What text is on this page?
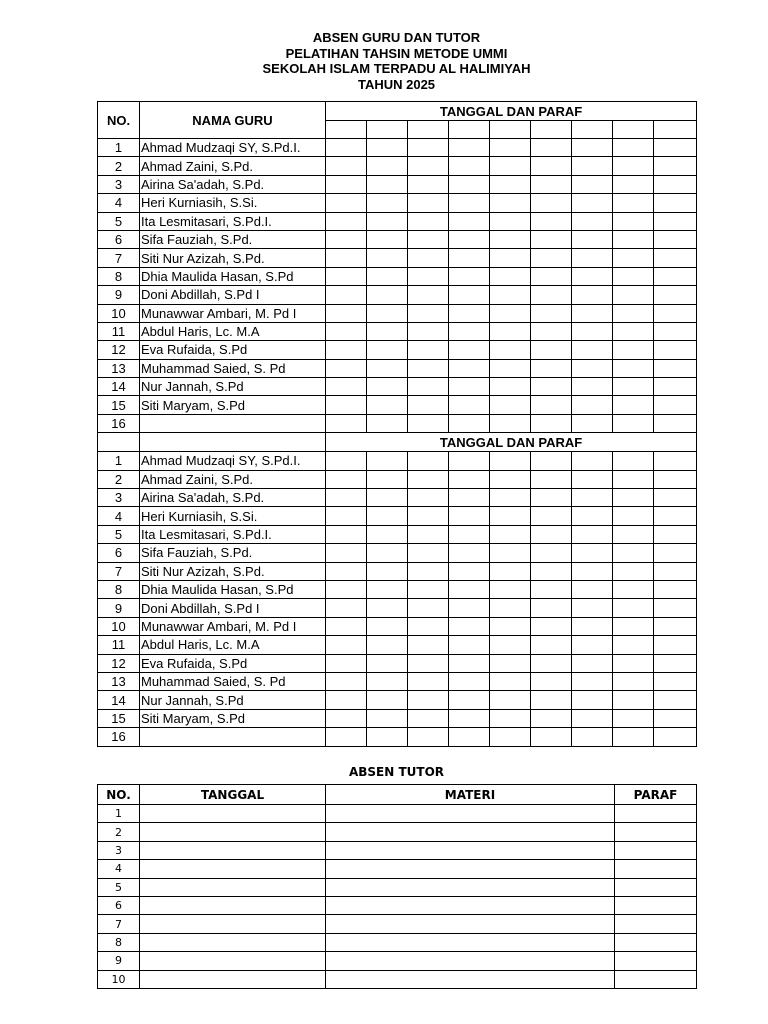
ABSEN GURU DAN TUTOR
PELATIHAN TAHSIN METODE UMMI
SEKOLAH ISLAM TERPADU AL HALIMIYAH
TAHUN 2025
NO.	NAMA GURU	TANGGAL DAN PARAF								

1	Ahmad Mudzaqi SY, S.Pd.I.									
2	Ahmad Zaini, S.Pd.									
3	Airina Sa'adah, S.Pd.									
4	Heri Kurniasih, S.Si.									
5	Ita Lesmitasari, S.Pd.I.									
6	Sifa Fauziah, S.Pd.									
7	Siti Nur Azizah, S.Pd.									
8	Dhia Maulida Hasan, S.Pd									
9	Doni Abdillah, S.Pd I									
10	Munawwar Ambari, M. Pd I									
11	Abdul Haris, Lc. M.A									
12	Eva Rufaida, S.Pd									
13	Muhammad Saied, S. Pd									
14	Nur Jannah, S.Pd									
15	Siti Maryam, S.Pd									
16										
		TANGGAL DAN PARAF								
1	Ahmad Mudzaqi SY, S.Pd.I.									
2	Ahmad Zaini, S.Pd.									
3	Airina Sa'adah, S.Pd.									
4	Heri Kurniasih, S.Si.									
5	Ita Lesmitasari, S.Pd.I.									
6	Sifa Fauziah, S.Pd.									
7	Siti Nur Azizah, S.Pd.									
8	Dhia Maulida Hasan, S.Pd									
9	Doni Abdillah, S.Pd I									
10	Munawwar Ambari, M. Pd I									
11	Abdul Haris, Lc. M.A									
12	Eva Rufaida, S.Pd									
13	Muhammad Saied, S. Pd									
14	Nur Jannah, S.Pd									
15	Siti Maryam, S.Pd									
16										
ABSEN TUTOR
NO.	TANGGAL	MATERI	PARAF
1			
2			
3			
4			
5			
6			
7			
8			
9			
10			
